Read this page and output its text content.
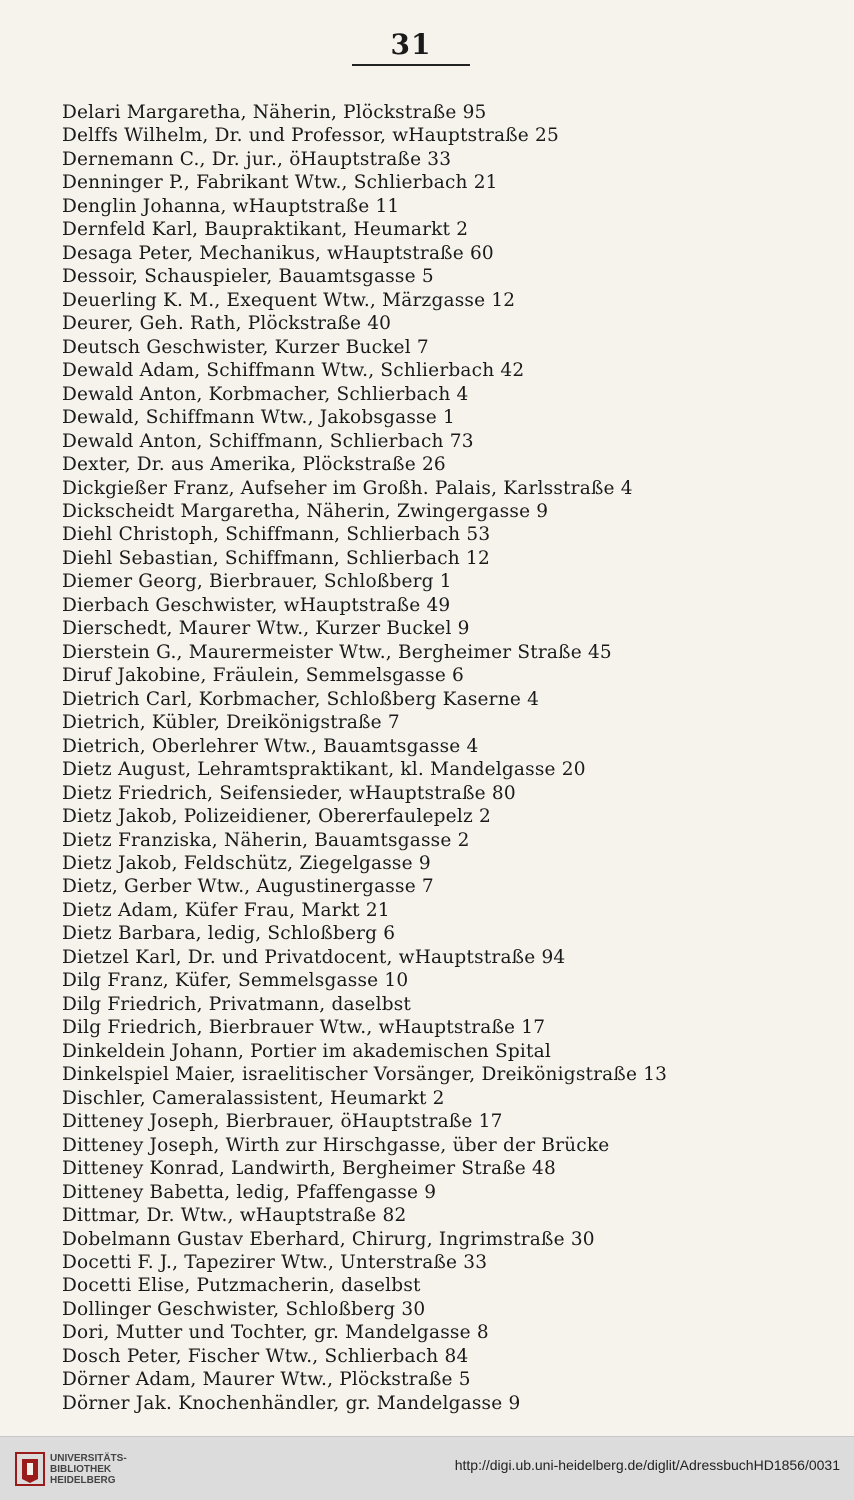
31
Delari Margaretha, Näherin, Plöckstraße 95
Delffs Wilhelm, Dr. und Professor, wHauptstraße 25
Dernemann C., Dr. jur., öHauptstraße 33
Denninger P., Fabrikant Wtw., Schlierbach 21
Denglin Johanna, wHauptstraße 11
Dernfeld Karl, Baupraktikant, Heumarkt 2
Desaga Peter, Mechanikus, wHauptstraße 60
Dessoir, Schauspieler, Bauamtsgasse 5
Deuerling K. M., Exequent Wtw., Märzgasse 12
Deurer, Geh. Rath, Plöckstraße 40
Deutsch Geschwister, Kurzer Buckel 7
Dewald Adam, Schiffmann Wtw., Schlierbach 42
Dewald Anton, Korbmacher, Schlierbach 4
Dewald, Schiffmann Wtw., Jakobsgasse 1
Dewald Anton, Schiffmann, Schlierbach 73
Dexter, Dr. aus Amerika, Plöckstraße 26
Dickgießer Franz, Aufseher im Großh. Palais, Karlsstraße 4
Dickscheidt Margaretha, Näherin, Zwingergasse 9
Diehl Christoph, Schiffmann, Schlierbach 53
Diehl Sebastian, Schiffmann, Schlierbach 12
Diemer Georg, Bierbrauer, Schloßberg 1
Dierbach Geschwister, wHauptstraße 49
Dierschedt, Maurer Wtw., Kurzer Buckel 9
Dierstein G., Maurermeister Wtw., Bergheimer Straße 45
Diruf Jakobine, Fräulein, Semmelsgasse 6
Dietrich Carl, Korbmacher, Schloßberg Kaserne 4
Dietrich, Kübler, Dreikönigstraße 7
Dietrich, Oberlehrer Wtw., Bauamtsgasse 4
Dietz August, Lehramtspraktikant, kl. Mandelgasse 20
Dietz Friedrich, Seifensieder, wHauptstraße 80
Dietz Jakob, Polizeidiener, Obererfaulepelz 2
Dietz Franziska, Näherin, Bauamtsgasse 2
Dietz Jakob, Feldschütz, Ziegelgasse 9
Dietz, Gerber Wtw., Augustinergasse 7
Dietz Adam, Küfer Frau, Markt 21
Dietz Barbara, ledig, Schloßberg 6
Dietzel Karl, Dr. und Privatdocent, wHauptstraße 94
Dilg Franz, Küfer, Semmelsgasse 10
Dilg Friedrich, Privatmann, daselbst
Dilg Friedrich, Bierbrauer Wtw., wHauptstraße 17
Dinkeldein Johann, Portier im akademischen Spital
Dinkelspiel Maier, israelitischer Vorsänger, Dreikönigstraße 13
Dischler, Cameralassistent, Heumarkt 2
Ditteney Joseph, Bierbrauer, öHauptstraße 17
Ditteney Joseph, Wirth zur Hirschgasse, über der Brücke
Ditteney Konrad, Landwirth, Bergheimer Straße 48
Ditteney Babetta, ledig, Pfaffengasse 9
Dittmar, Dr. Wtw., wHauptstraße 82
Dobelmann Gustav Eberhard, Chirurg, Ingrimstraße 30
Docetti F. J., Tapezirer Wtw., Unterstraße 33
Docetti Elise, Putzmacherin, daselbst
Dollinger Geschwister, Schloßberg 30
Dori, Mutter und Tochter, gr. Mandelgasse 8
Dosch Peter, Fischer Wtw., Schlierbach 84
Dörner Adam, Maurer Wtw., Plöckstraße 5
Dörner Jak. Knochenhändler, gr. Mandelgasse 9
UNIVERSITÄTS-
BIBLIOTHEK
HEIDELBERG
http://digi.ub.uni-heidelberg.de/diglit/AdressbuchHD1856/0031
